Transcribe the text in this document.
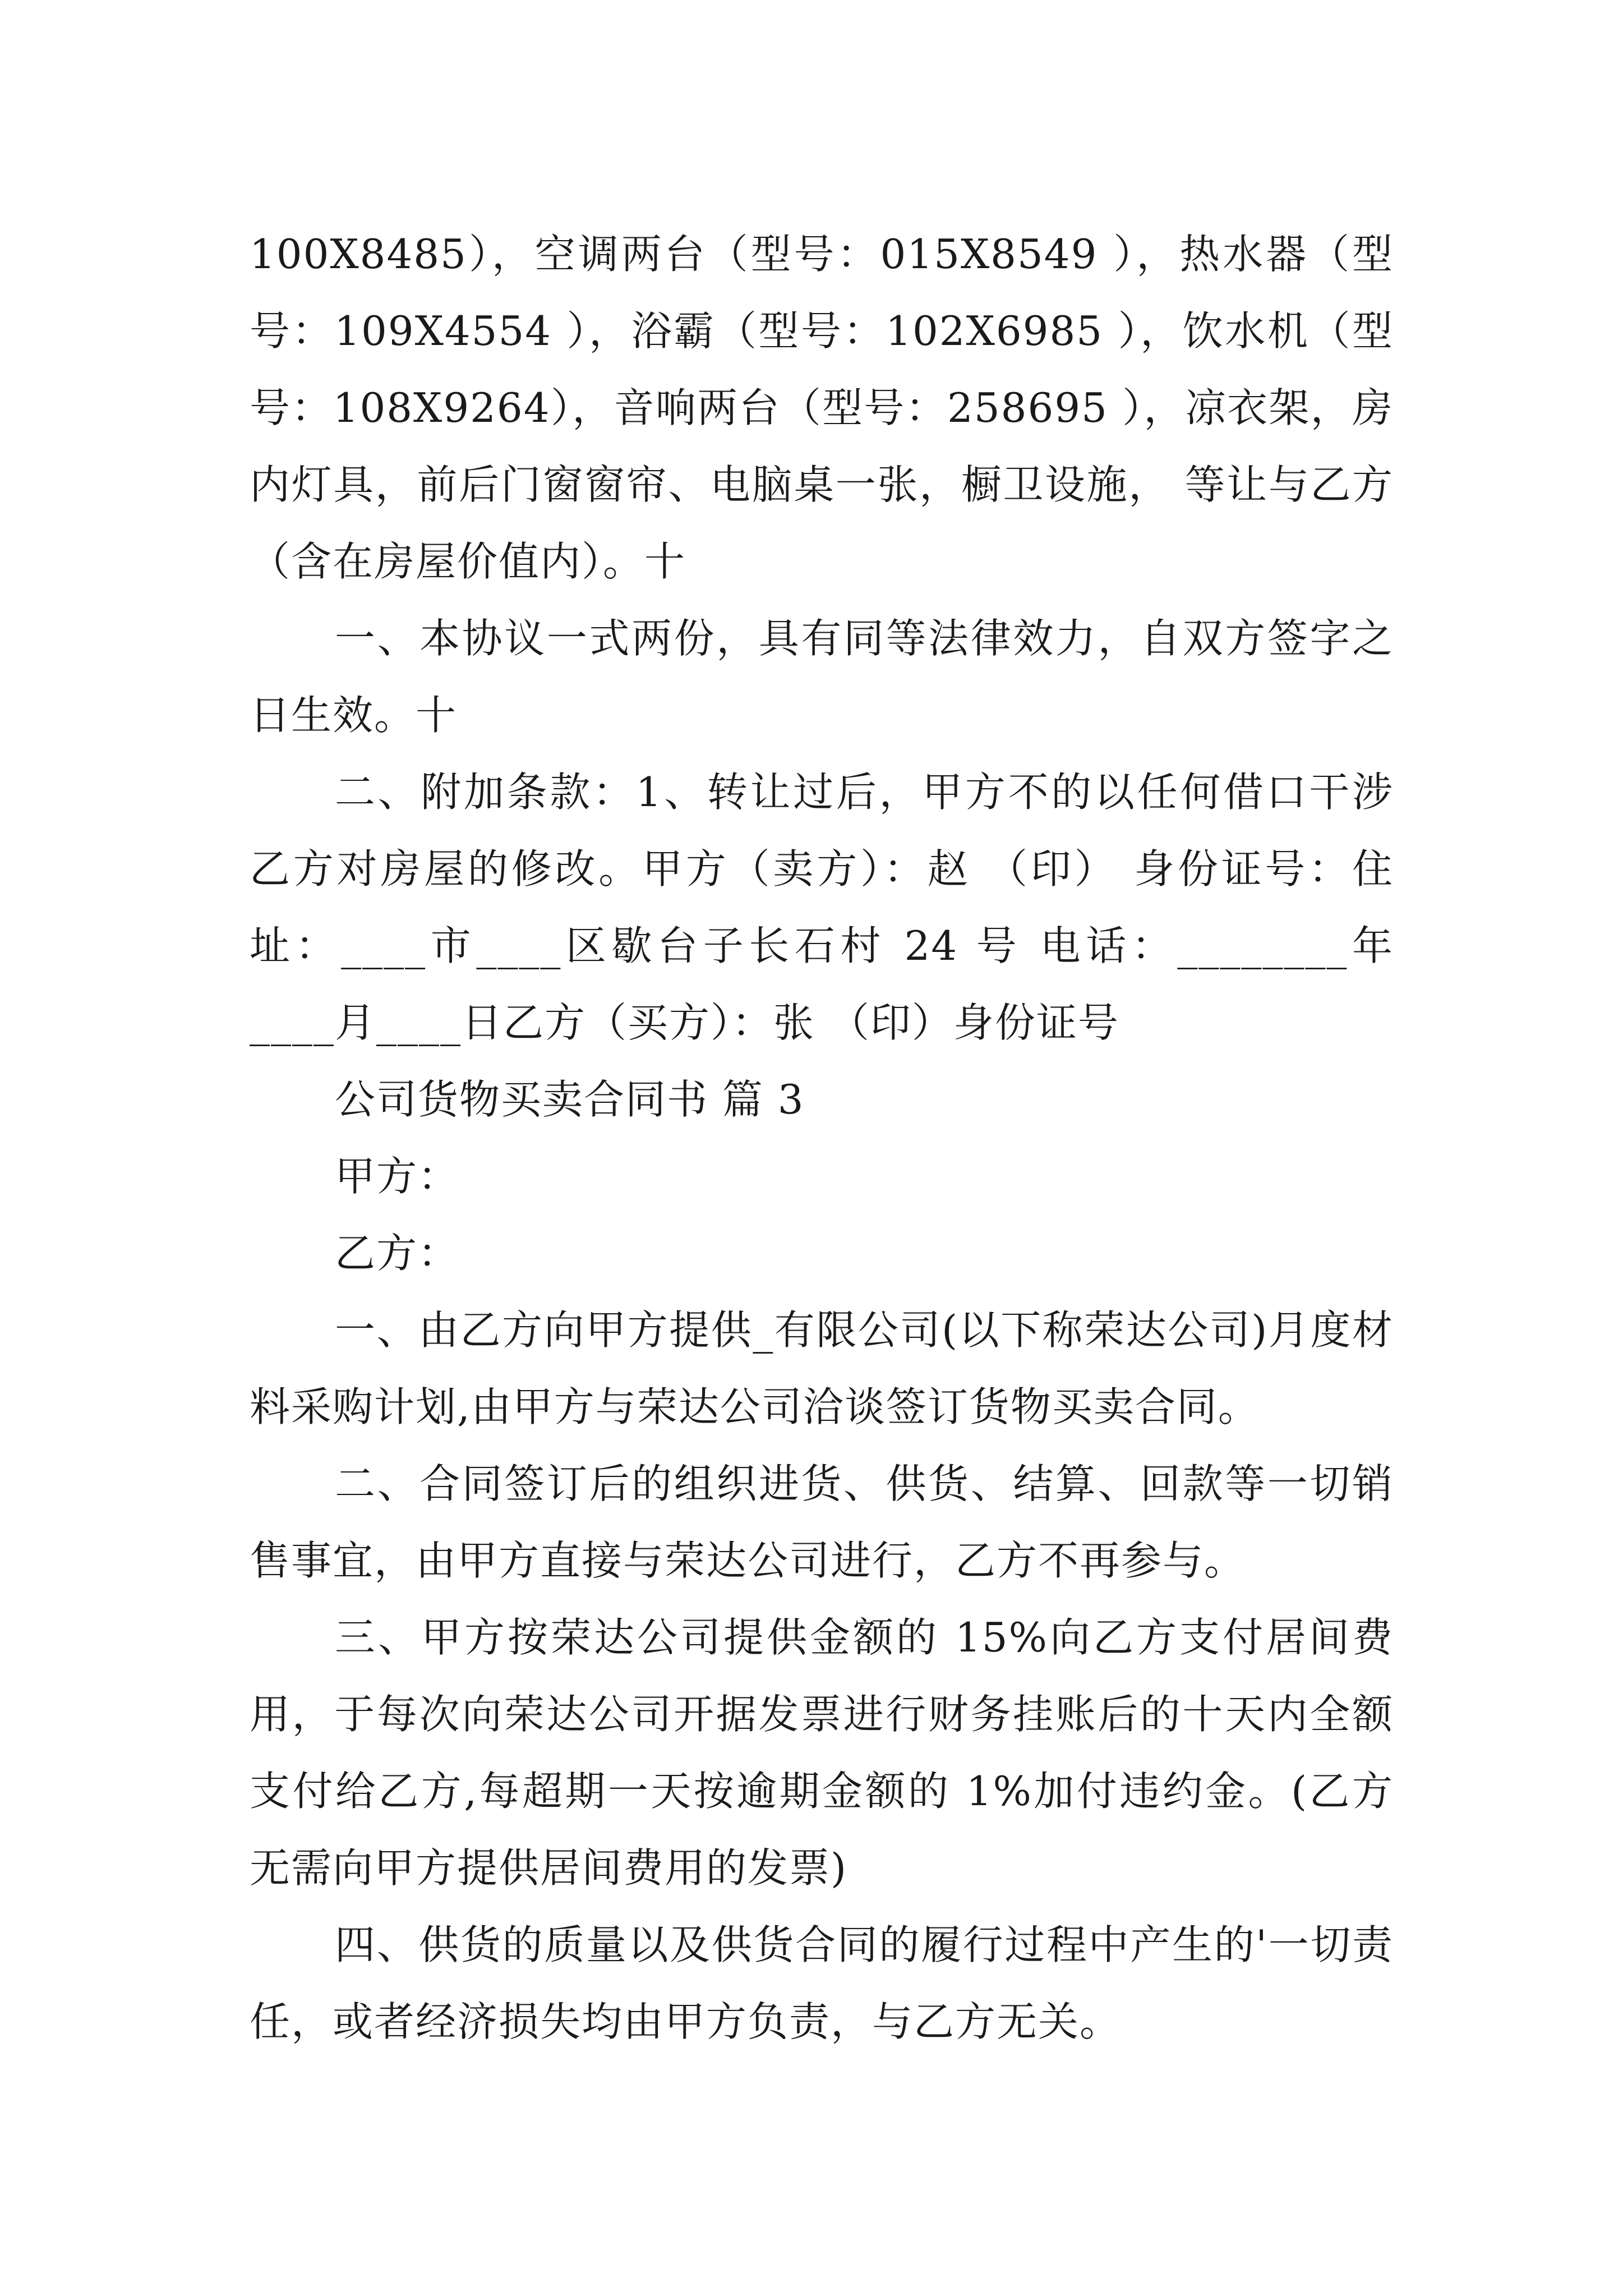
100X8485），空调两台（型号：015X8549 ），热水器（型号：109X4554 ），浴霸（型号：102X6985 ），饮水机（型号：108X9264），音响两台（型号：258695 ），凉衣架，房内灯具，前后门窗窗帘、电脑桌一张，橱卫设施， 等让与乙方（含在房屋价值内）。十

一、本协议一式两份，具有同等法律效力，自双方签字之日生效。十

二、附加条款：1、转让过后，甲方不的以任何借口干涉乙方对房屋的修改。甲方（卖方）：赵 （印） 身份证号：住址：____市____区歇台子长石村 24 号 电话：________年____月____日乙方（买方）：张 （印）身份证号

公司货物买卖合同书 篇 3

甲方：

乙方：

一、由乙方向甲方提供_有限公司(以下称荣达公司)月度材料采购计划,由甲方与荣达公司洽谈签订货物买卖合同。

二、合同签订后的组织进货、供货、结算、回款等一切销售事宜，由甲方直接与荣达公司进行，乙方不再参与。

三、甲方按荣达公司提供金额的 15%向乙方支付居间费用，于每次向荣达公司开据发票进行财务挂账后的十天内全额支付给乙方,每超期一天按逾期金额的 1%加付违约金。(乙方无需向甲方提供居间费用的发票)

四、供货的质量以及供货合同的履行过程中产生的'一切责任，或者经济损失均由甲方负责，与乙方无关。
